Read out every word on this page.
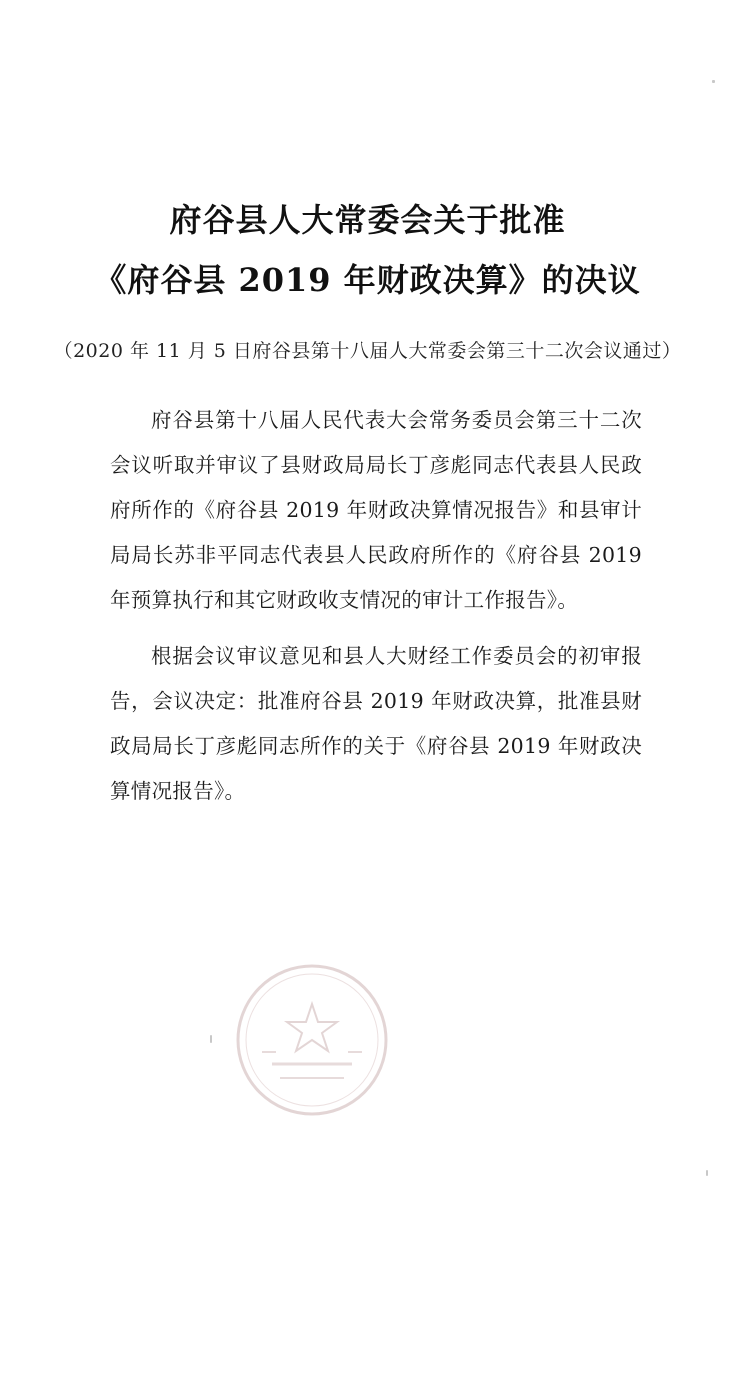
府谷县人大常委会关于批准
《府谷县 2019 年财政决算》的决议
（2020 年 11 月 5 日府谷县第十八届人大常委会第三十二次会议通过）
府谷县第十八届人民代表大会常务委员会第三十二次会议听取并审议了县财政局局长丁彦彪同志代表县人民政府所作的《府谷县 2019 年财政决算情况报告》和县审计局局长苏非平同志代表县人民政府所作的《府谷县 2019 年预算执行和其它财政收支情况的审计工作报告》。
根据会议审议意见和县人大财经工作委员会的初审报告，会议决定：批准府谷县 2019 年财政决算，批准县财政局局长丁彦彪同志所作的关于《府谷县 2019 年财政决算情况报告》。
